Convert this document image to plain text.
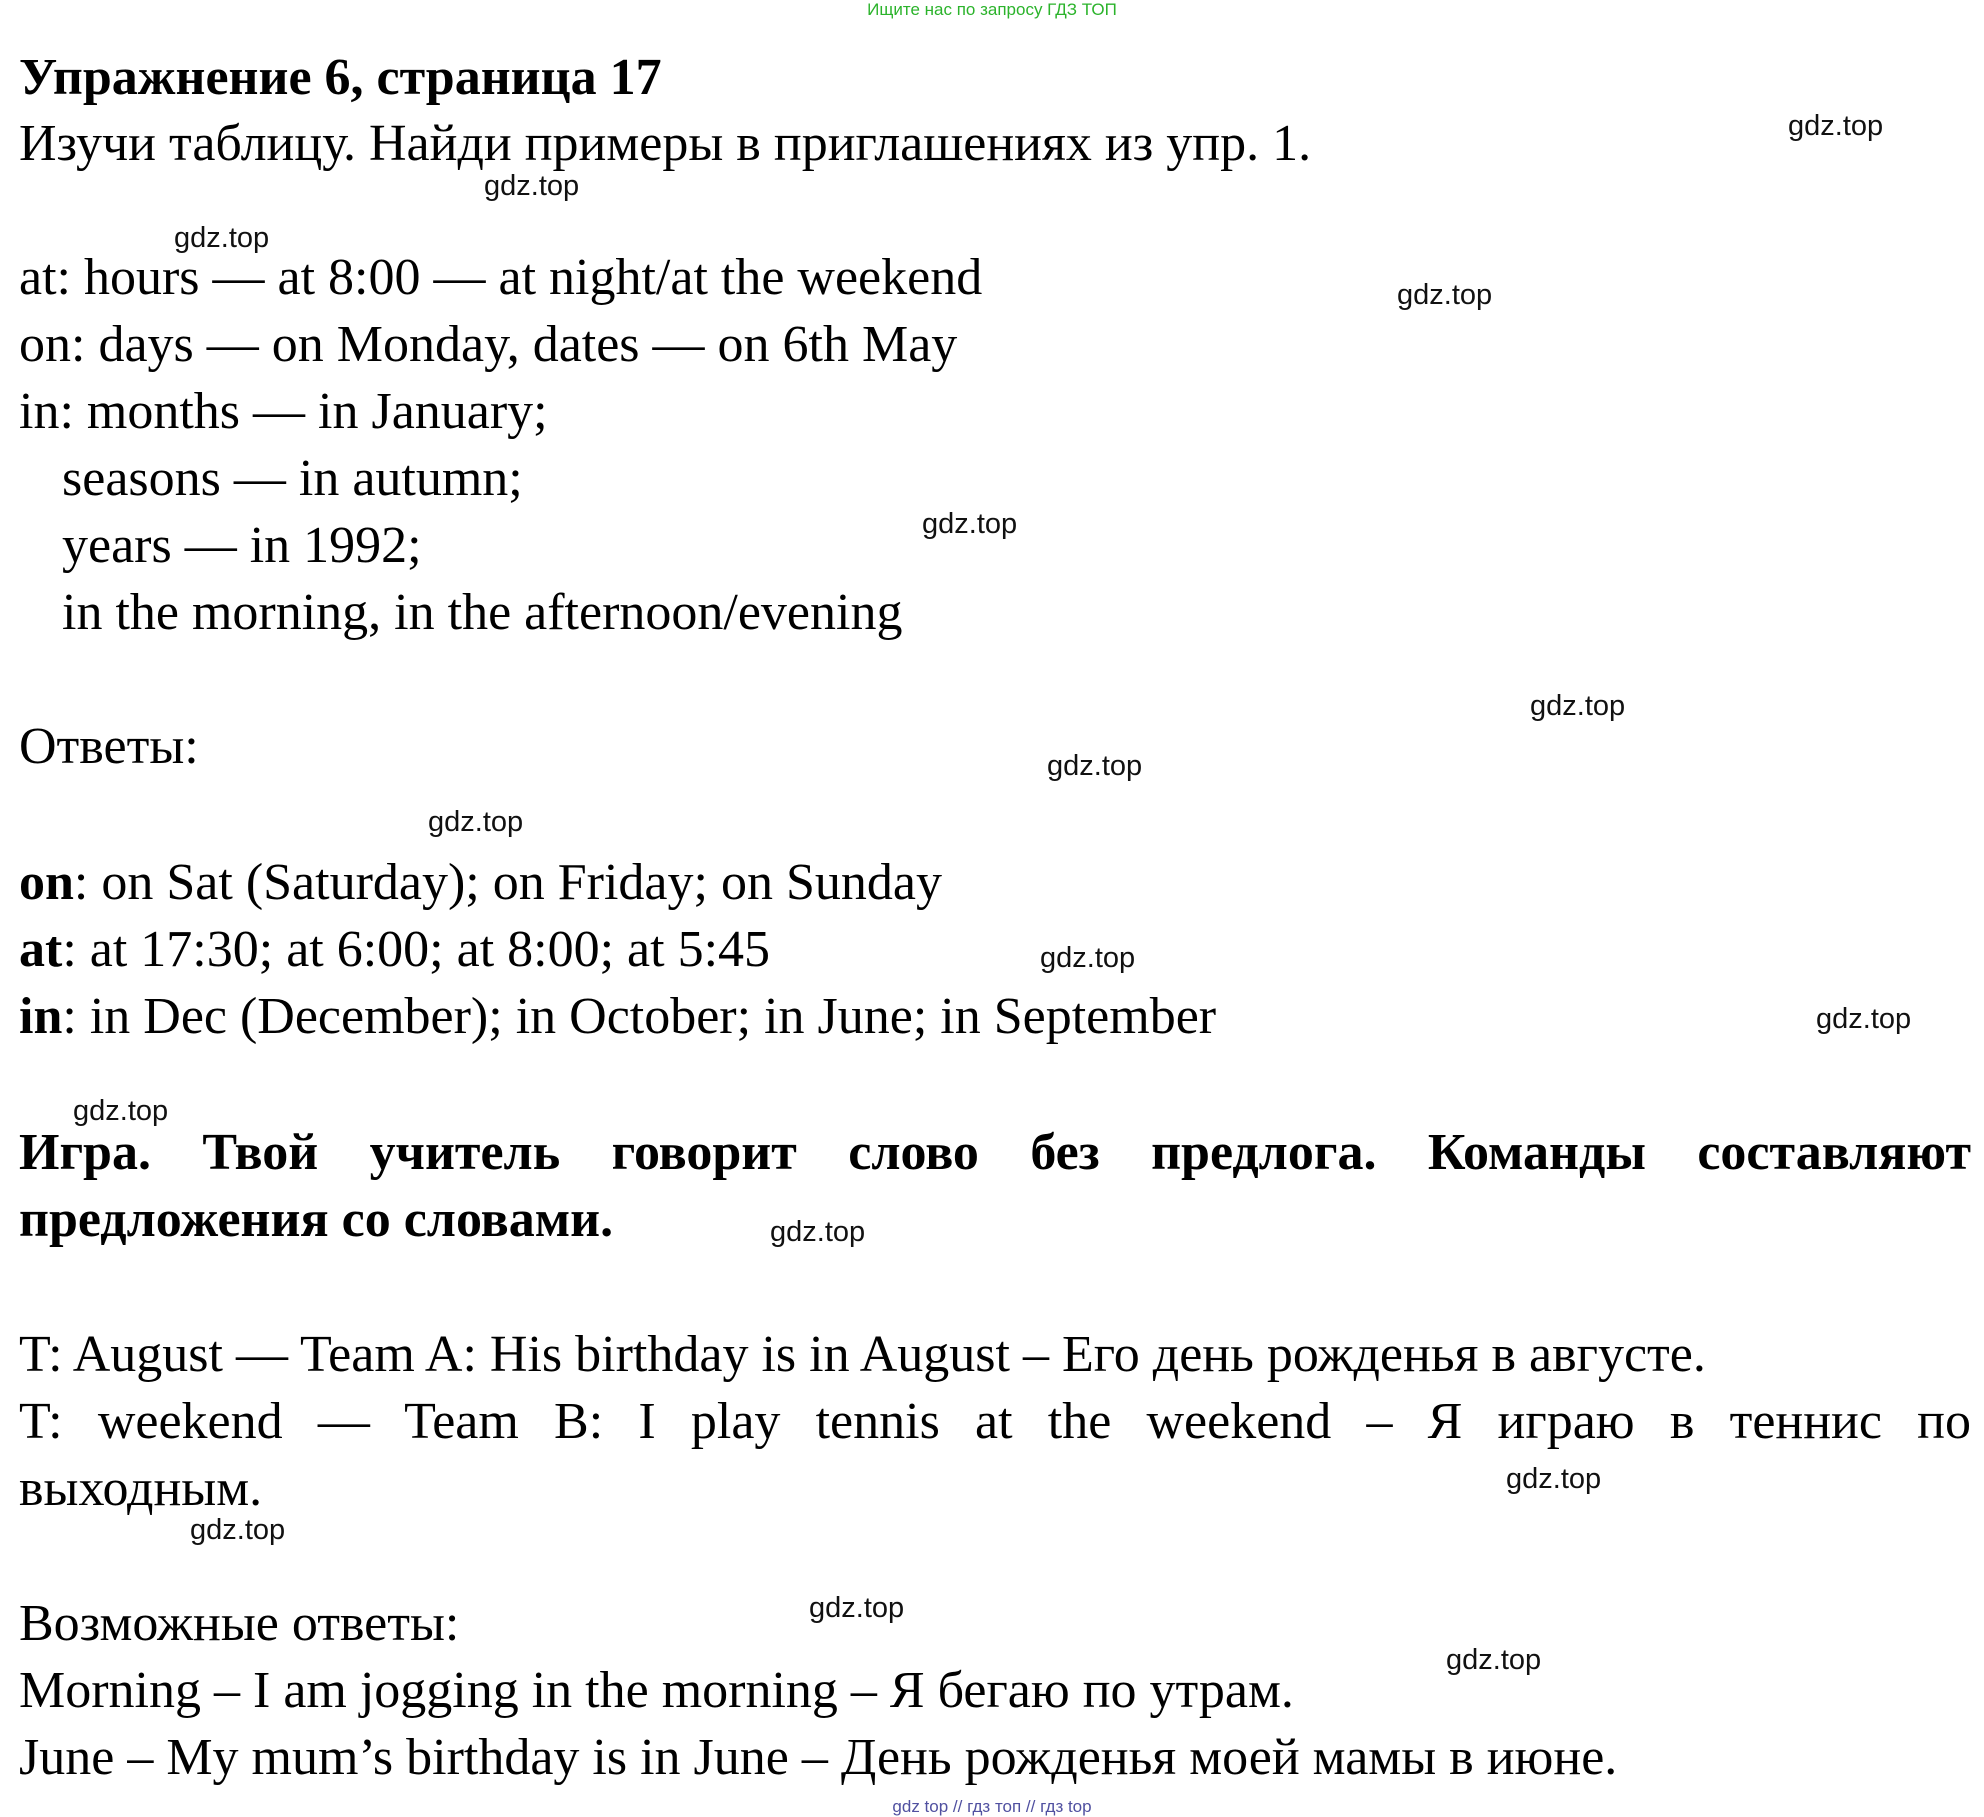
Ищите нас по запросу ГДЗ ТОП
Упражнение 6, страница 17
Изучи таблицу. Найди примеры в приглашениях из упр. 1.
at: hours — at 8:00 — at night/at the weekend
on: days — on Monday, dates — on 6th May
in: months — in January;
seasons — in autumn;
years — in 1992;
in the morning, in the afternoon/evening
Ответы:
on: on Sat (Saturday); on Friday; on Sunday
at: at 17:30; at 6:00; at 8:00; at 5:45
in: in Dec (December); in October; in June; in September
Игра. Твой учитель говорит слово без предлога. Команды составляют
предложения со словами.
T: August — Team A: His birthday is in August – Его день рожденья в августе.
T: weekend — Team B: I play tennis at the weekend – Я играю в теннис по
выходным.
Возможные ответы:
Morning – I am jogging in the morning – Я бегаю по утрам.
June – My mum’s birthday is in June – День рожденья моей мамы в июне.
gdz.top
gdz.top
gdz.top
gdz.top
gdz.top
gdz.top
gdz.top
gdz.top
gdz.top
gdz.top
gdz.top
gdz.top
gdz.top
gdz.top
gdz.top
gdz.top
gdz top // гдз топ // гдз top
